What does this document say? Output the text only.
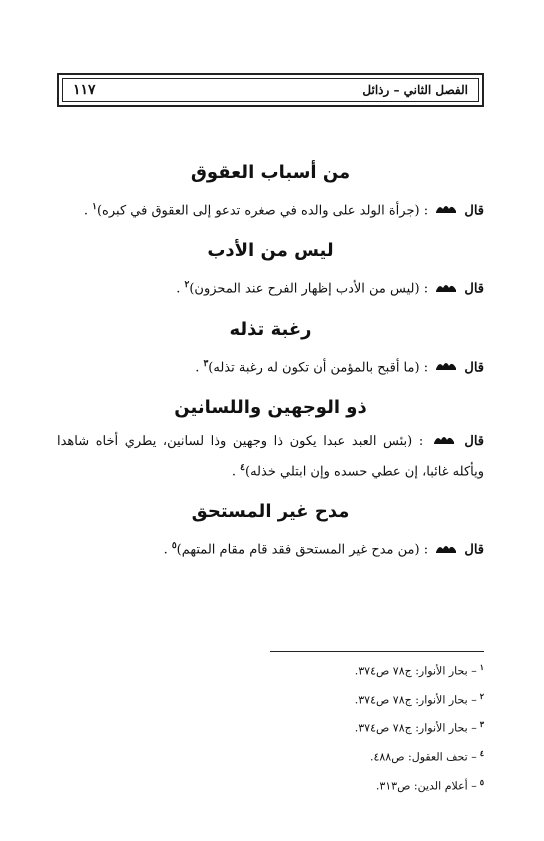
الفصل الثاني – رذائل
١١٧
من أسباب العقوق

قال
: (جرأة الولد على والده في صغره تدعو إلى العقوق في كبره)$^١$ .

ليس من الأدب

قال
: (ليس من الأدب إظهار الفرح عند المحزون)$^٢$ .

رغبة تذله

قال
: (ما أقبح بالمؤمن أن تكون له رغبة تذله)$^٣$ .

ذو الوجهين واللسانين

قال
: (بئس العبد عبدا يكون ذا وجهين وذا لسانين، يطري أخاه شاهدا ويأكله غائبا، إن عطي حسده وإن ابتلي خذله)$^٤$ .

مدح غير المستحق

قال
: (من مدح غير المستحق فقد قام مقام المتهم)$^٥$ .

$^١$– بحار الأنوار: ج٧٨ ص٣٧٤.
$^٢$– بحار الأنوار: ج٧٨ ص٣٧٤.
$^٣$– بحار الأنوار: ج٧٨ ص٣٧٤.
$^٤$– تحف العقول: ص٤٨٨.
$^٥$– أعلام الدين: ص٣١٣.
